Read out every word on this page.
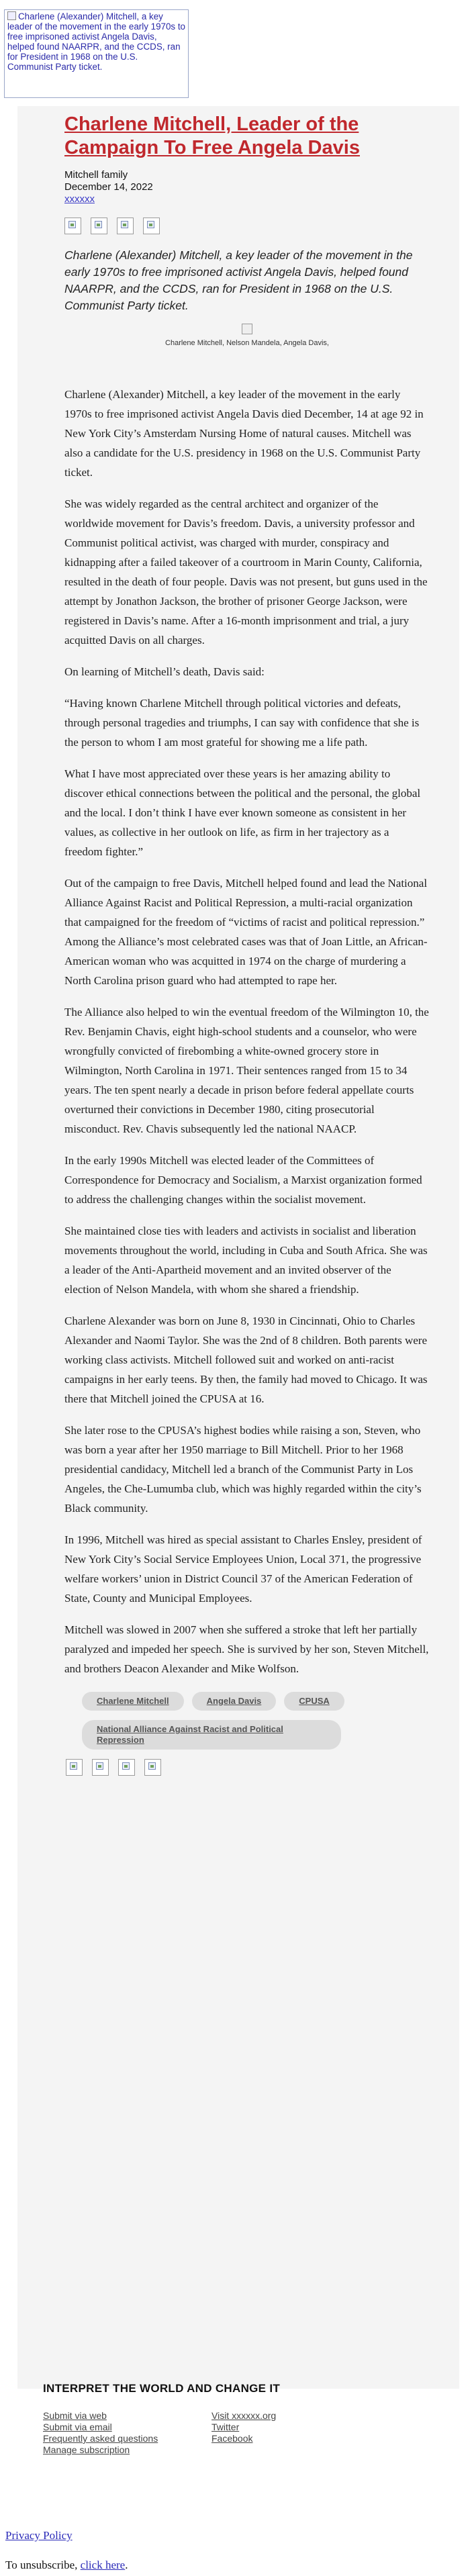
Charlene (Alexander) Mitchell, a key leader of the movement in the early 1970s to free imprisoned activist Angela Davis, helped found NAARPR, and the CCDS, ran for President in 1968 on the U.S. Communist Party ticket.
Charlene Mitchell, Leader of the Campaign To Free Angela Davis
Mitchell family
December 14, 2022
xxxxxx

Charlene (Alexander) Mitchell, a key leader of the movement in the early 1970s to free imprisoned activist Angela Davis, helped found NAARPR, and the CCDS, ran for President in 1968 on the U.S. Communist Party ticket.

Charlene Mitchell, Nelson Mandela, Angela Davis,

Charlene (Alexander) Mitchell, a key leader of the movement in the early 1970s to free imprisoned activist Angela Davis died December, 14 at age 92 in New York City’s Amsterdam Nursing Home of natural causes. Mitchell was also a candidate for the U.S. presidency in 1968 on the U.S. Communist Party ticket.

She was widely regarded as the central architect and organizer of the worldwide movement for Davis’s freedom. Davis, a university professor and Communist political activist, was charged with murder, conspiracy and kidnapping after a failed takeover of a courtroom in Marin County, California, resulted in the death of four people. Davis was not present, but guns used in the attempt by Jonathon Jackson, the brother of prisoner George Jackson, were registered in Davis’s name. After a 16-month imprisonment and trial, a jury acquitted Davis on all charges.

On learning of Mitchell’s death, Davis said:

“Having known Charlene Mitchell through political victories and defeats, through personal tragedies and triumphs, I can say with confidence that she is the person to whom I am most grateful for showing me a life path.

What I have most appreciated over these years is her amazing ability to discover ethical connections between the political and the personal, the global and the local. I don’t think I have ever known someone as consistent in her values, as collective in her outlook on life, as firm in her trajectory as a freedom fighter.”

Out of the campaign to free Davis, Mitchell helped found and lead the National Alliance Against Racist and Political Repression, a multi-racial organization that campaigned for the freedom of “victims of racist and political repression.” Among the Alliance’s most celebrated cases was that of Joan Little, an African-American woman who was acquitted in 1974 on the charge of murdering a North Carolina prison guard who had attempted to rape her.

The Alliance also helped to win the eventual freedom of the Wilmington 10, the Rev. Benjamin Chavis, eight high-school students and a counselor, who were wrongfully convicted of firebombing a white-owned grocery store in Wilmington, North Carolina in 1971. Their sentences ranged from 15 to 34 years. The ten spent nearly a decade in prison before federal appellate courts overturned their convictions in December 1980, citing prosecutorial misconduct. Rev. Chavis subsequently led the national NAACP.

In the early 1990s Mitchell was elected leader of the Committees of Correspondence for Democracy and Socialism, a Marxist organization formed to address the challenging changes within the socialist movement.

She maintained close ties with leaders and activists in socialist and liberation movements throughout the world, including in Cuba and South Africa. She was a leader of the Anti-Apartheid movement and an invited observer of the election of Nelson Mandela, with whom she shared a friendship.

Charlene Alexander was born on June 8, 1930 in Cincinnati, Ohio to Charles Alexander and Naomi Taylor. She was the 2nd of 8 children. Both parents were working class activists. Mitchell followed suit and worked on anti-racist campaigns in her early teens. By then, the family had moved to Chicago. It was there that Mitchell joined the CPUSA at 16.

She later rose to the CPUSA’s highest bodies while raising a son, Steven, who was born a year after her 1950 marriage to Bill Mitchell. Prior to her 1968 presidential candidacy, Mitchell led a branch of the Communist Party in Los Angeles, the Che-Lumumba club, which was highly regarded within the city’s Black community.

In 1996, Mitchell was hired as special assistant to Charles Ensley, president of New York City’s Social Service Employees Union, Local 371, the progressive welfare workers’ union in District Council 37 of the American Federation of State, County and Municipal Employees.

Mitchell was slowed in 2007 when she suffered a stroke that left her partially paralyzed and impeded her speech. She is survived by her son, Steven Mitchell, and brothers Deacon Alexander and Mike Wolfson.

Charlene Mitchell	Angela Davis	CPUSA
National Alliance Against Racist and Political Repression
INTERPRET THE WORLD AND CHANGE IT
Submit via web
Submit via email
Frequently asked questions
Manage subscription
Visit xxxxxx.org
Twitter
Facebook
Privacy Policy
To unsubscribe, click here.
